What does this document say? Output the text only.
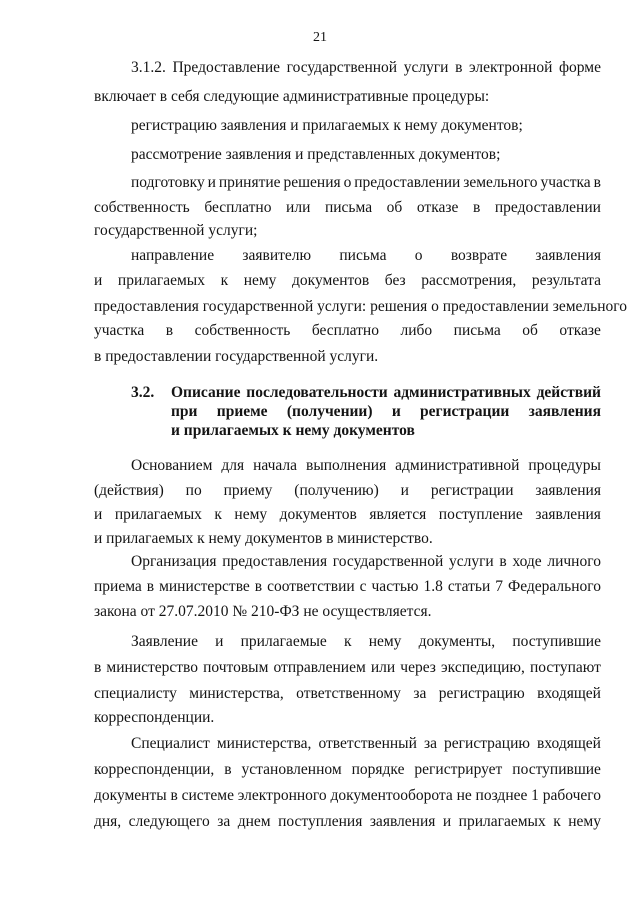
21
3.1.2. Предоставление государственной услуги в электронной форме
включает в себя следующие административные процедуры:
регистрацию заявления и прилагаемых к нему документов;
рассмотрение заявления и представленных документов;
подготовку и принятие решения о предоставлении земельного участка в
собственность бесплатно или письма об отказе в предоставлении
государственной услуги;
направление заявителю письма о возврате заявления
и прилагаемых к нему документов без рассмотрения, результата
предоставления государственной услуги: решения о предоставлении земельного
участка в собственность бесплатно либо письма об отказе
в предоставлении государственной услуги.
3.2. Описание последовательности административных действий
при приеме (получении) и регистрации заявления
и прилагаемых к нему документов
Основанием для начала выполнения административной процедуры
(действия) по приему (получению) и регистрации заявления
и прилагаемых к нему документов является поступление заявления
и прилагаемых к нему документов в министерство.
Организация предоставления государственной услуги в ходе личного
приема в министерстве в соответствии с частью 1.8 статьи 7 Федерального
закона от 27.07.2010 № 210-ФЗ не осуществляется.
Заявление и прилагаемые к нему документы, поступившие
в министерство почтовым отправлением или через экспедицию, поступают
специалисту министерства, ответственному за регистрацию входящей
корреспонденции.
Специалист министерства, ответственный за регистрацию входящей
корреспонденции, в установленном порядке регистрирует поступившие
документы в системе электронного документооборота не позднее 1 рабочего
дня, следующего за днем поступления заявления и прилагаемых к нему
